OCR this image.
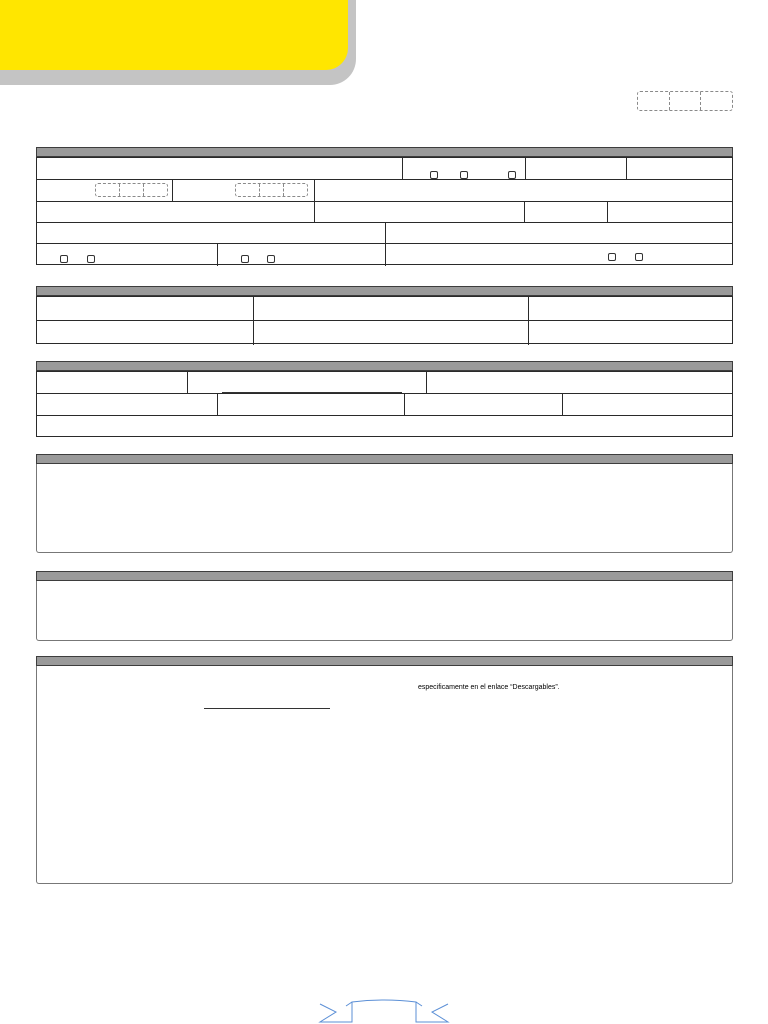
especificamente en el enlace “Descargables”.
